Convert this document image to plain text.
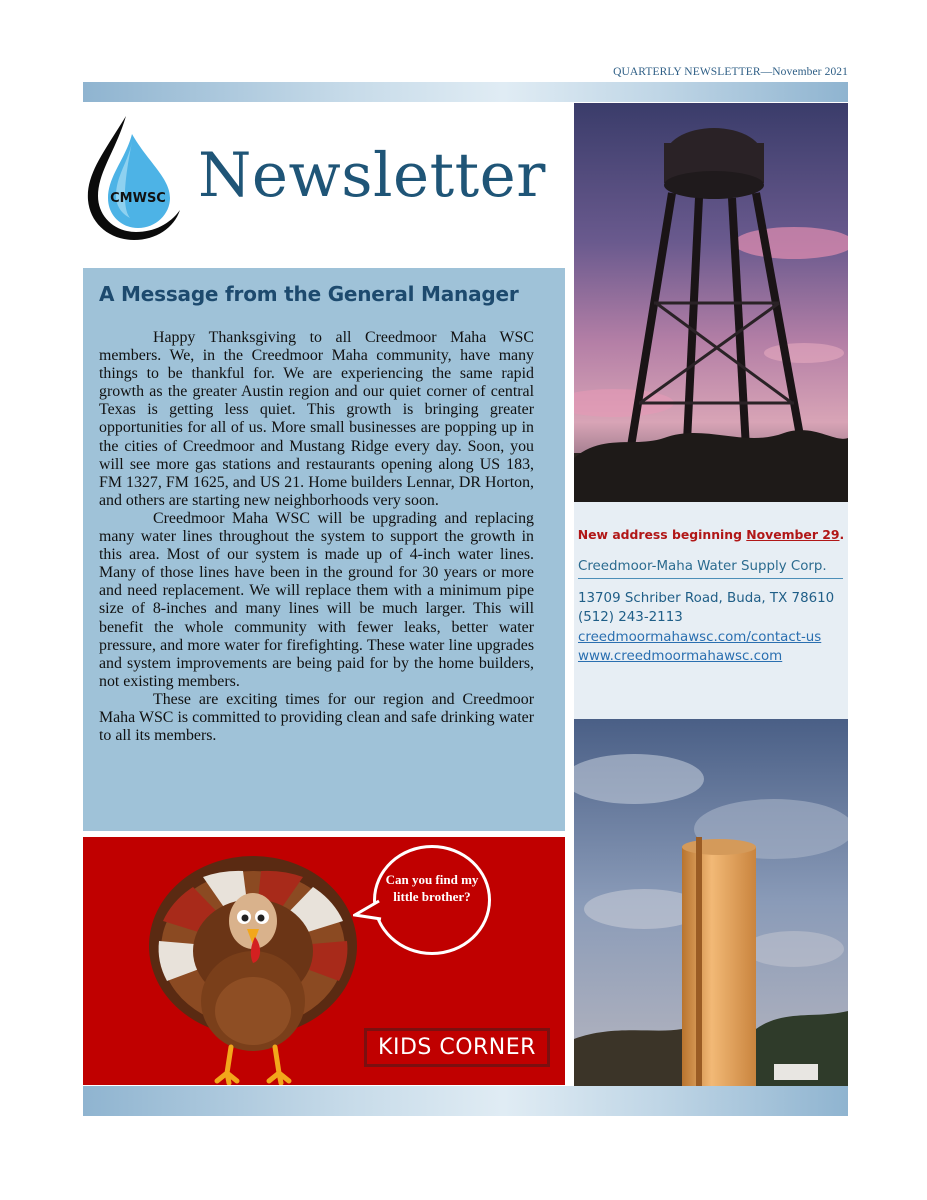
QUARTERLY NEWSLETTER—November 2021
CMWSC Newsletter
A Message from the General Manager

Happy Thanksgiving to all Creedmoor Maha WSC members. We, in the Creedmoor Maha community, have many things to be thankful for. We are experiencing the same rapid growth as the greater Austin region and our quiet corner of central Texas is getting less quiet. This growth is bringing greater opportunities for all of us. More small businesses are popping up in the cities of Creedmoor and Mustang Ridge every day. Soon, you will see more gas stations and restaurants opening along US 183, FM 1327, FM 1625, and US 21. Home builders Lennar, DR Horton, and others are starting new neighborhoods very soon.

Creedmoor Maha WSC will be upgrading and replacing many water lines throughout the system to support the growth in this area. Most of our system is made up of 4-inch water lines. Many of those lines have been in the ground for 30 years or more and need replacement. We will replace them with a minimum pipe size of 8-inches and many lines will be much larger. This will benefit the whole community with fewer leaks, better water pressure, and more water for firefighting. These water line upgrades and system improvements are being paid for by the home builders, not existing members.

These are exciting times for our region and Creedmoor Maha WSC is committed to providing clean and safe drinking water to all its members.

Can you find my little brother?
KIDS CORNER
New address beginning November 29.
Creedmoor-Maha Water Supply Corp.
13709 Schriber Road, Buda, TX 78610
(512) 243-2113
creedmoormahawsc.com/contact-us
www.creedmoormahawsc.com
